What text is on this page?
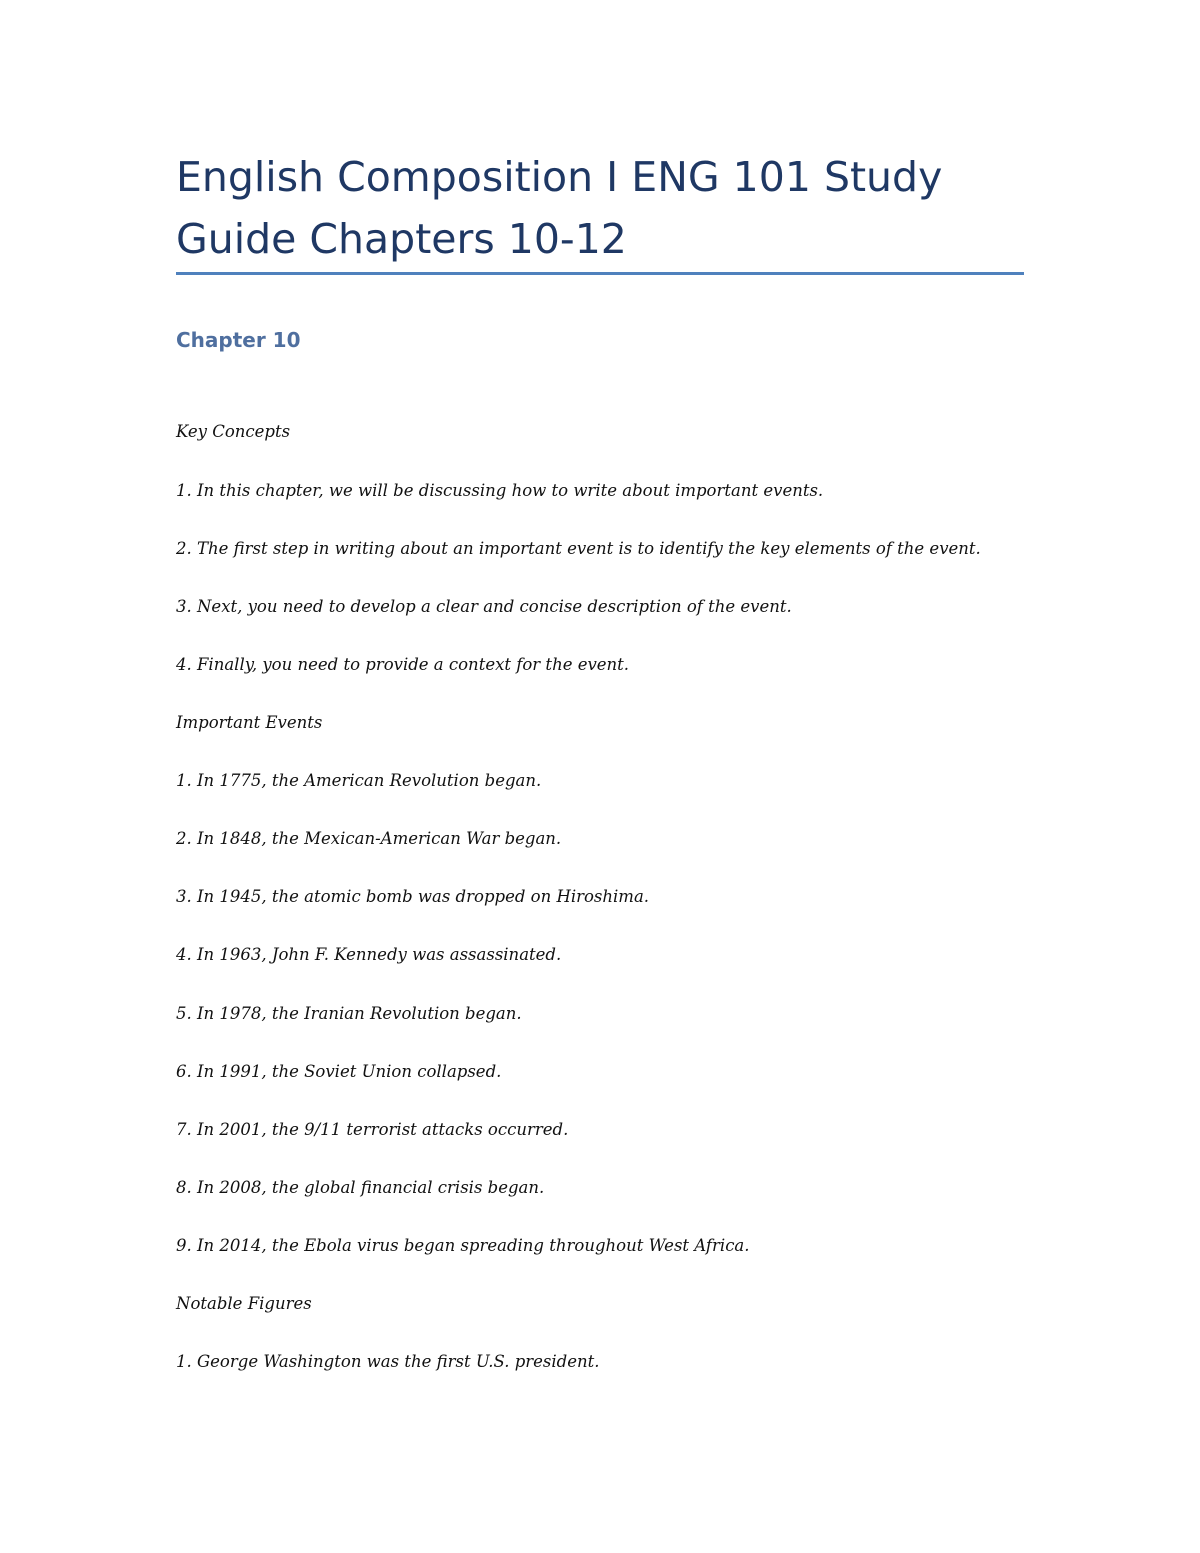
English Composition I ENG 101 Study Guide Chapters 10-12
Chapter 10

Key Concepts

1. In this chapter, we will be discussing how to write about important events.

2. The first step in writing about an important event is to identify the key elements of the event.

3. Next, you need to develop a clear and concise description of the event.

4. Finally, you need to provide a context for the event.

Important Events

1. In 1775, the American Revolution began.

2. In 1848, the Mexican-American War began.

3. In 1945, the atomic bomb was dropped on Hiroshima.

4. In 1963, John F. Kennedy was assassinated.

5. In 1978, the Iranian Revolution began.

6. In 1991, the Soviet Union collapsed.

7. In 2001, the 9/11 terrorist attacks occurred.

8. In 2008, the global financial crisis began.

9. In 2014, the Ebola virus began spreading throughout West Africa.

Notable Figures

1. George Washington was the first U.S. president.
